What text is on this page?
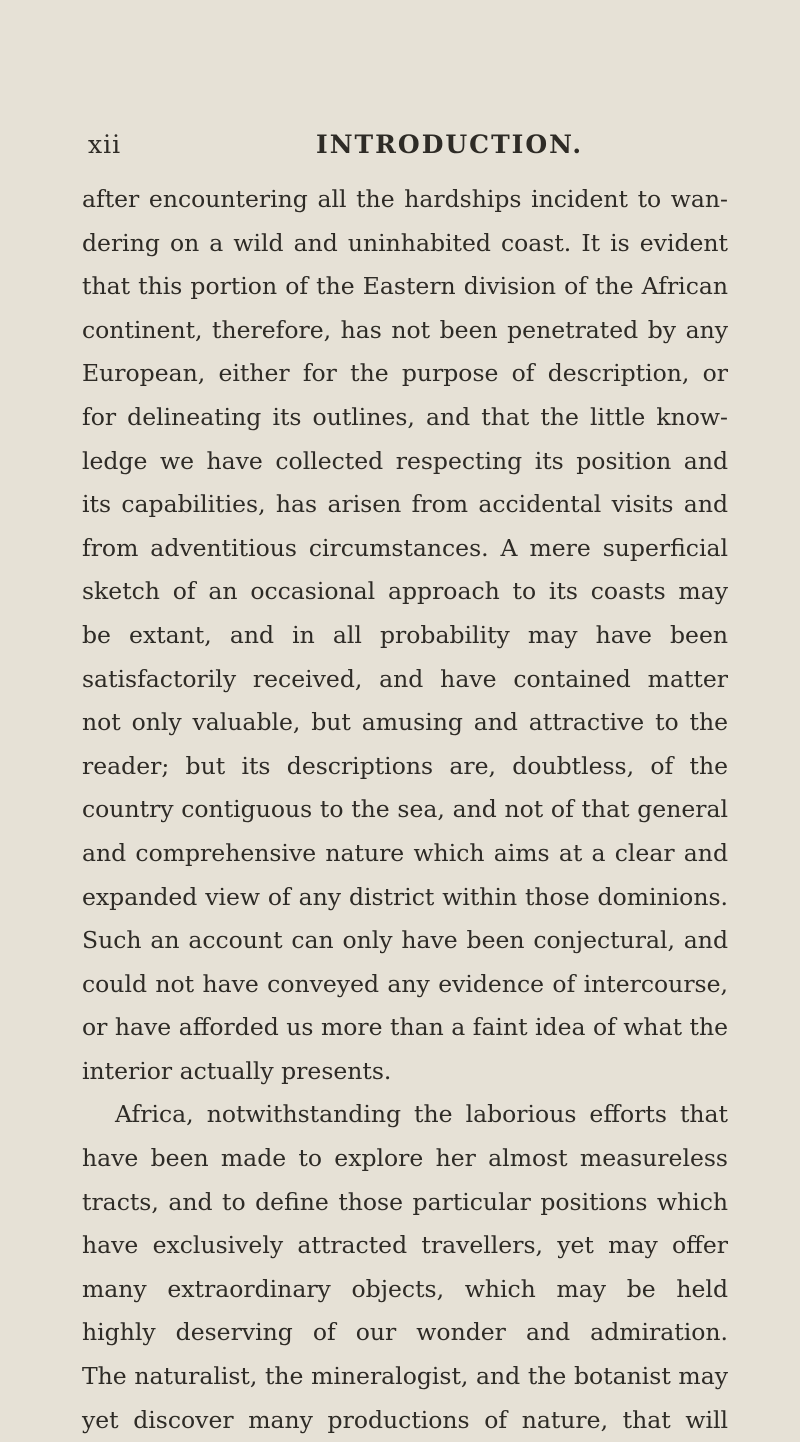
xii	INTRODUCTION.
after encountering all the hardships incident to wan-
dering on a wild and uninhabited coast. It is evident
that this portion of the Eastern division of the African
continent, therefore, has not been penetrated by any
European, either for the purpose of description, or
for delineating its outlines, and that the little know-
ledge we have collected respecting its position and
its capabilities, has arisen from accidental visits and
from adventitious circumstances. A mere superficial
sketch of an occasional approach to its coasts may
be extant, and in all probability may have been
satisfactorily received, and have contained matter
not only valuable, but amusing and attractive to the
reader; but its descriptions are, doubtless, of the
country contiguous to the sea, and not of that general
and comprehensive nature which aims at a clear and
expanded view of any district within those dominions.
Such an account can only have been conjectural, and
could not have conveyed any evidence of intercourse,
or have afforded us more than a faint idea of what the
interior actually presents.
Africa, notwithstanding the laborious efforts that
have been made to explore her almost measureless
tracts, and to define those particular positions which
have exclusively attracted travellers, yet may offer
many extraordinary objects, which may be held
highly deserving of our wonder and admiration.
The naturalist, the mineralogist, and the botanist may
yet discover many productions of nature, that will
